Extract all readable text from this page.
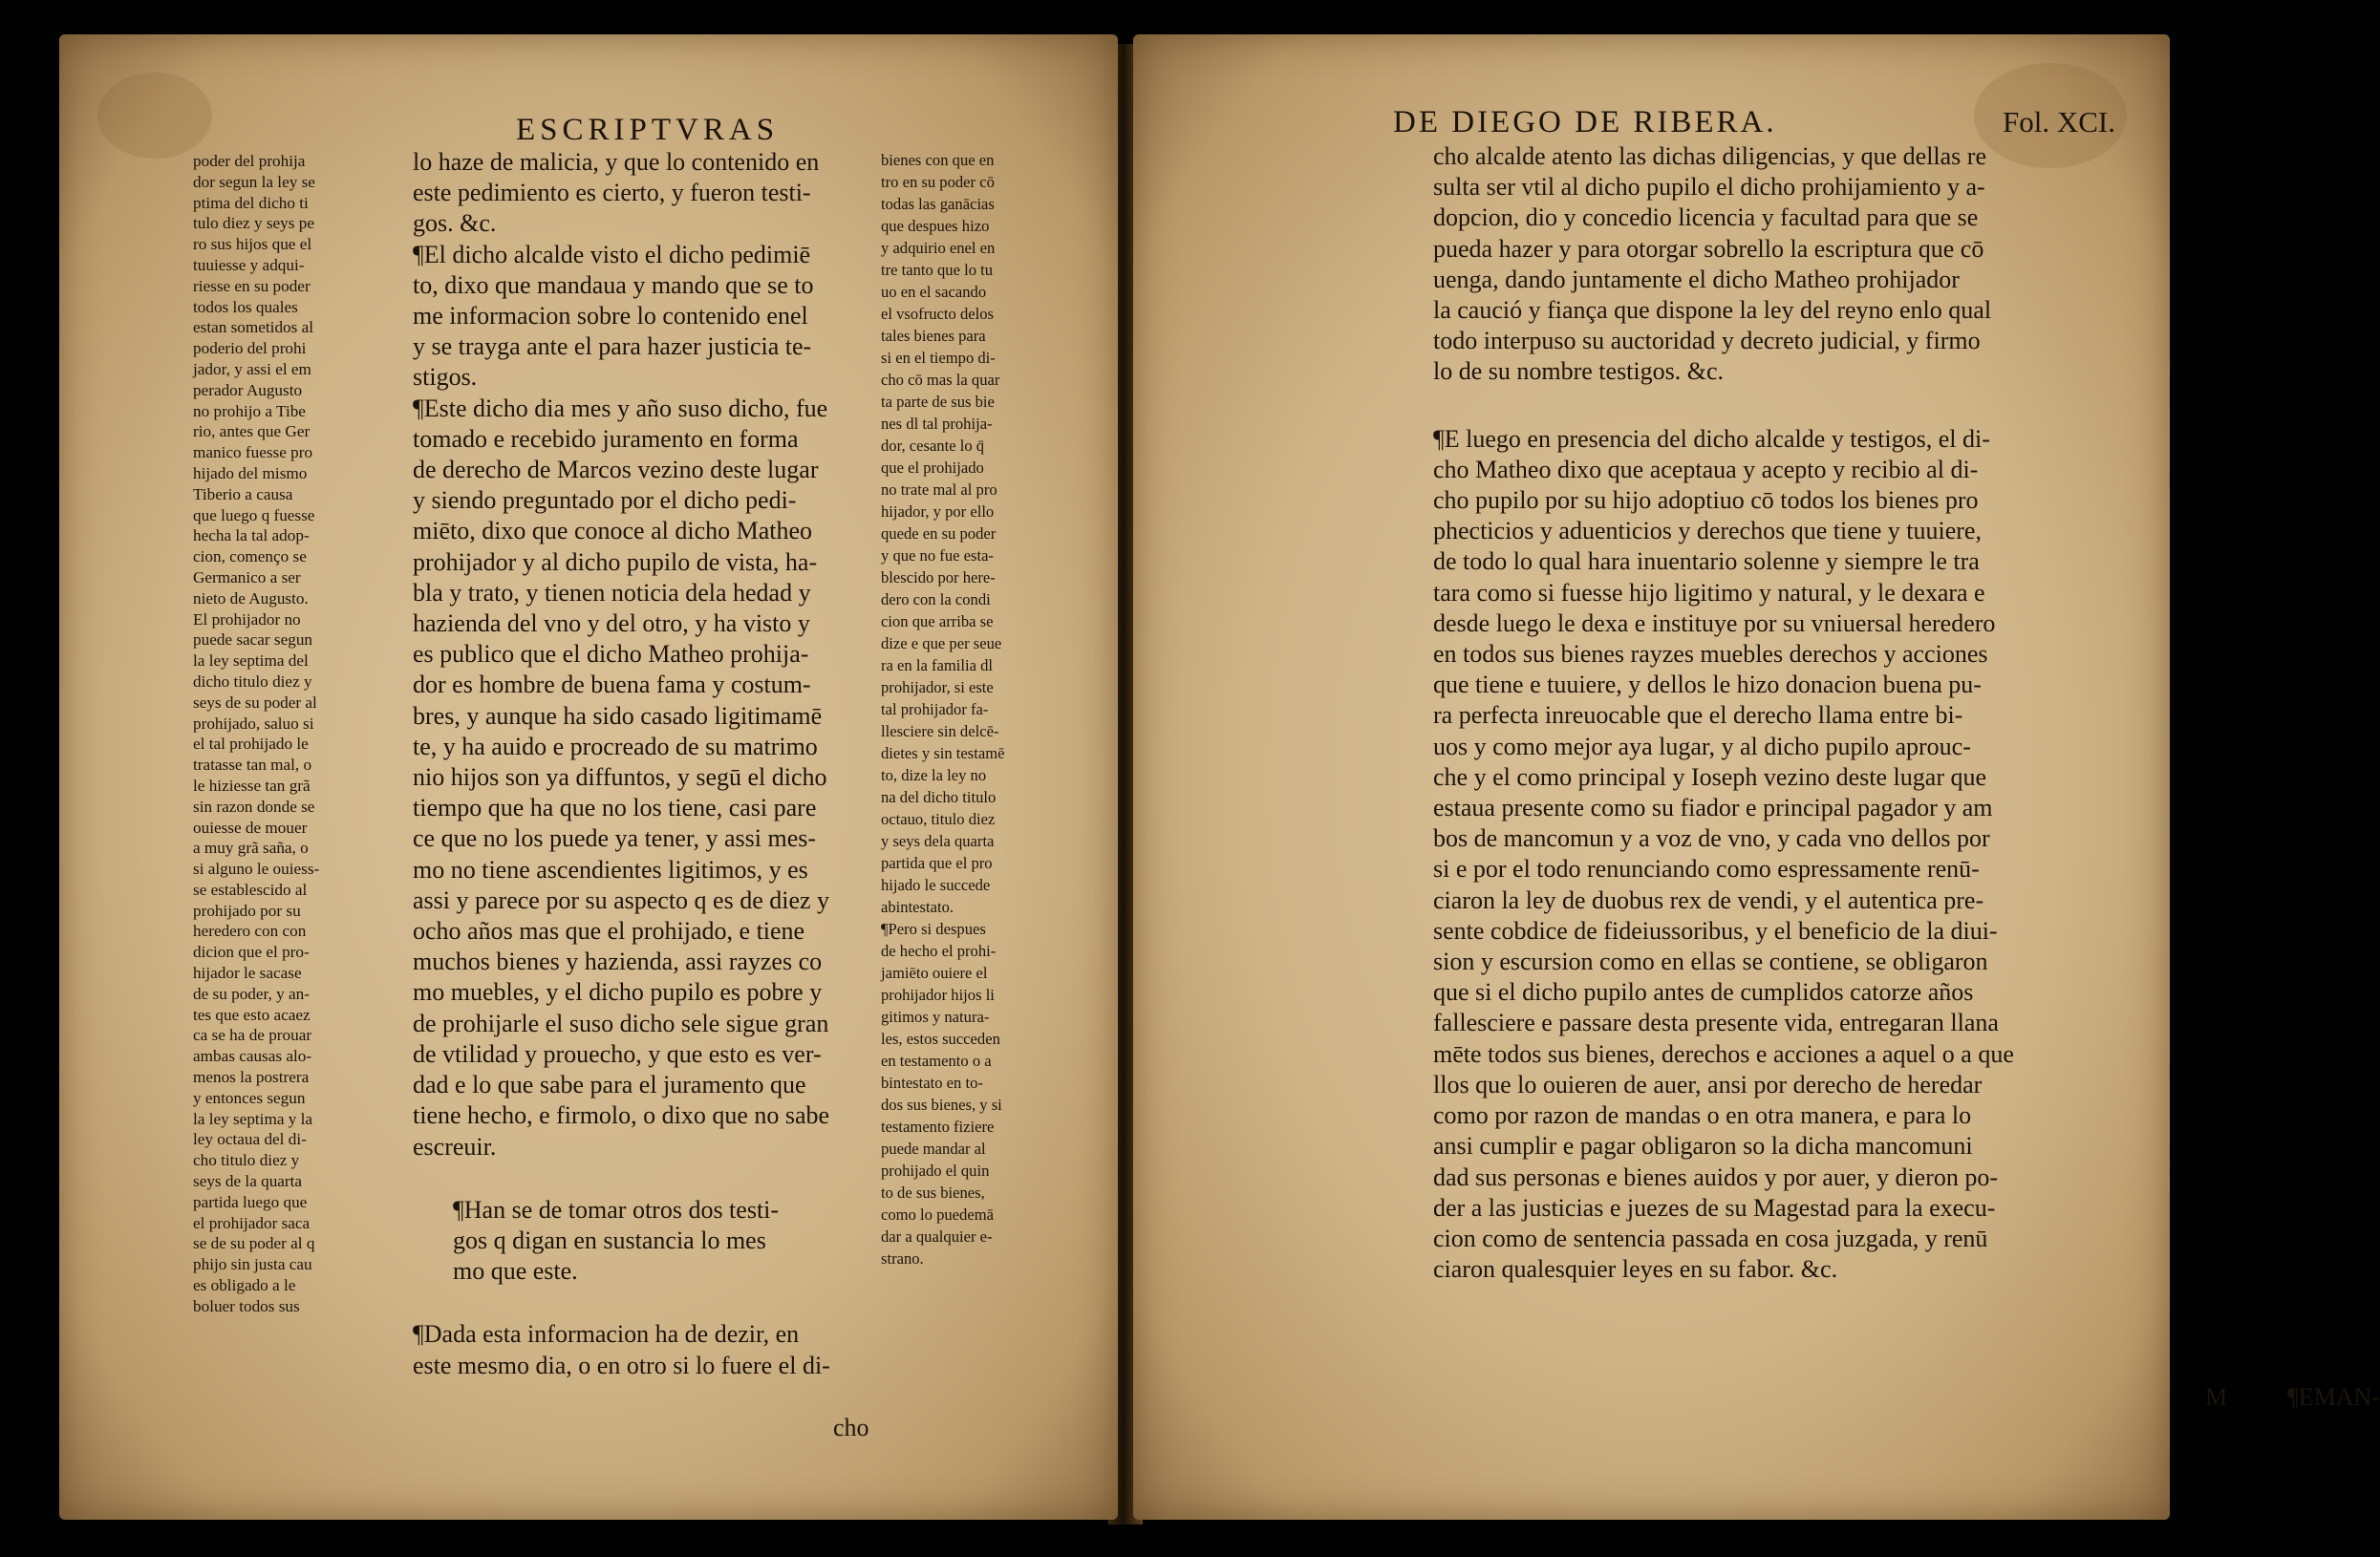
ESCRIPTVRAS

poder del prohija

dor segun la ley se

ptima del dicho ti

tulo diez y seys pe

ro sus hijos que el

tuuiesse y adqui-

riesse en su poder

todos los quales

estan sometidos al

poderio del prohi

jador, y assi el em

perador Augusto

no prohijo a Tibe

rio, antes que Ger

manico fuesse pro

hijado del mismo

Tiberio a causa

que luego q fuesse

hecha la tal adop-

cion, començo se

Germanico a ser

nieto de Augusto.

El prohijador no

puede sacar segun

la ley septima del

dicho titulo diez y

seys de su poder al

prohijado, saluo si

el tal prohijado le

tratasse tan mal, o

le hiziesse tan grã

sin razon donde se

ouiesse de mouer

a muy grã saña, o

si alguno le ouiess-

se establescido al

prohijado por su

heredero con con

dicion que el pro-

hijador le sacase

de su poder, y an-

tes que esto acaez

ca se ha de prouar

ambas causas alo-

menos la postrera

y entonces segun

la ley septima y la

ley octaua del di-

cho titulo diez y

seys de la quarta

partida luego que

el prohijador saca

se de su poder al q

phijo sin justa cau

es obligado a le

boluer todos sus

lo haze de malicia, y que lo contenido en

este pedimiento es cierto, y fueron testi-

gos. &c.

¶El dicho alcalde visto el dicho pedimiē

to, dixo que mandaua y mando que se to

me informacion sobre lo contenido enel

y se trayga ante el para hazer justicia te-

stigos.

¶Este dicho dia mes y año suso dicho, fue

tomado e recebido juramento en forma

de derecho de Marcos vezino deste lugar

y siendo preguntado por el dicho pedi-

miēto, dixo que conoce al dicho Matheo

prohijador y al dicho pupilo de vista, ha-

bla y trato, y tienen noticia dela hedad y

hazienda del vno y del otro, y ha visto y

es publico que el dicho Matheo prohija-

dor es hombre de buena fama y costum-

bres, y aunque ha sido casado ligitimamē

te, y ha auido e procreado de su matrimo

nio hijos son ya diffuntos, y segū el dicho

tiempo que ha que no los tiene, casi pare

ce que no los puede ya tener, y assi mes-

mo no tiene ascendientes ligitimos, y es

assi y parece por su aspecto q es de diez y

ocho años mas que el prohijado, e tiene

muchos bienes y hazienda, assi rayzes co

mo muebles, y el dicho pupilo es pobre y

de prohijarle el suso dicho sele sigue gran

de vtilidad y prouecho, y que esto es ver-

dad e lo que sabe para el juramento que

tiene hecho, e firmolo, o dixo que no sabe

escreuir.

¶Han se de tomar otros dos testi-

gos q digan en sustancia lo mes

mo que este.

¶Dada esta informacion ha de dezir, en

este mesmo dia, o en otro si lo fuere el di-

bienes con que en

tro en su poder cō

todas las ganācias

que despues hizo

y adquirio enel en

tre tanto que lo tu

uo en el sacando

el vsofructo delos

tales bienes para

si en el tiempo di-

cho cō mas la quar

ta parte de sus bie

nes dl tal prohija-

dor, cesante lo q̄

que el prohijado

no trate mal al pro

hijador, y por ello

quede en su poder

y que no fue esta-

blescido por here-

dero con la condi

cion que arriba se

dize e que per seue

ra en la familia dl

prohijador, si este

tal prohijador fa-

llesciere sin delcē-

dietes y sin testamē

to, dize la ley no

na del dicho titulo

octauo, titulo diez

y seys dela quarta

partida que el pro

hijado le succede

abintestato.

¶Pero si despues

de hecho el prohi-

jamiēto ouiere el

prohijador hijos li

gitimos y natura-

les, estos succeden

en testamento o a

bintestato en to-

dos sus bienes, y si

testamento fiziere

puede mandar al

prohijado el quin

to de sus bienes,

como lo puedemā

dar a qualquier e-

strano.

cho
DE DIEGO DE RIBERA.	Fol. XCI.

cho alcalde atento las dichas diligencias, y que dellas re

sulta ser vtil al dicho pupilo el dicho prohijamiento y a-

dopcion, dio y concedio licencia y facultad para que se

pueda hazer y para otorgar sobrello la escriptura que cō

uenga, dando juntamente el dicho Matheo prohijador

la caució y fiança que dispone la ley del reyno enlo qual

todo interpuso su auctoridad y decreto judicial, y firmo

lo de su nombre testigos. &c.

¶E luego en presencia del dicho alcalde y testigos, el di-

cho Matheo dixo que aceptaua y acepto y recibio al di-

cho pupilo por su hijo adoptiuo cō todos los bienes pro

phecticios y aduenticios y derechos que tiene y tuuiere,

de todo lo qual hara inuentario solenne y siempre le tra

tara como si fuesse hijo ligitimo y natural, y le dexara e

desde luego le dexa e instituye por su vniuersal heredero

en todos sus bienes rayzes muebles derechos y acciones

que tiene e tuuiere, y dellos le hizo donacion buena pu-

ra perfecta inreuocable que el derecho llama entre bi-

uos y como mejor aya lugar, y al dicho pupilo aprouc-

che y el como principal y Ioseph vezino deste lugar que

estaua presente como su fiador e principal pagador y am

bos de mancomun y a voz de vno, y cada vno dellos por

si e por el todo renunciando como espressamente renū-

ciaron la ley de duobus rex de vendi, y el autentica pre-

sente cobdice de fideiussoribus, y el beneficio de la diui-

sion y escursion como en ellas se contiene, se obligaron

que si el dicho pupilo antes de cumplidos catorze años

fallesciere e passare desta presente vida, entregaran llana

mēte todos sus bienes, derechos e acciones a aquel o a que

llos que lo ouieren de auer, ansi por derecho de heredar

como por razon de mandas o en otra manera, e para lo

ansi cumplir e pagar obligaron so la dicha mancomuni

dad sus personas e bienes auidos y por auer, y dieron po-

der a las justicias e juezes de su Magestad para la execu-

cion como de sentencia passada en cosa juzgada, y renū

ciaron qualesquier leyes en su fabor. &c.

M ¶EMAN-
